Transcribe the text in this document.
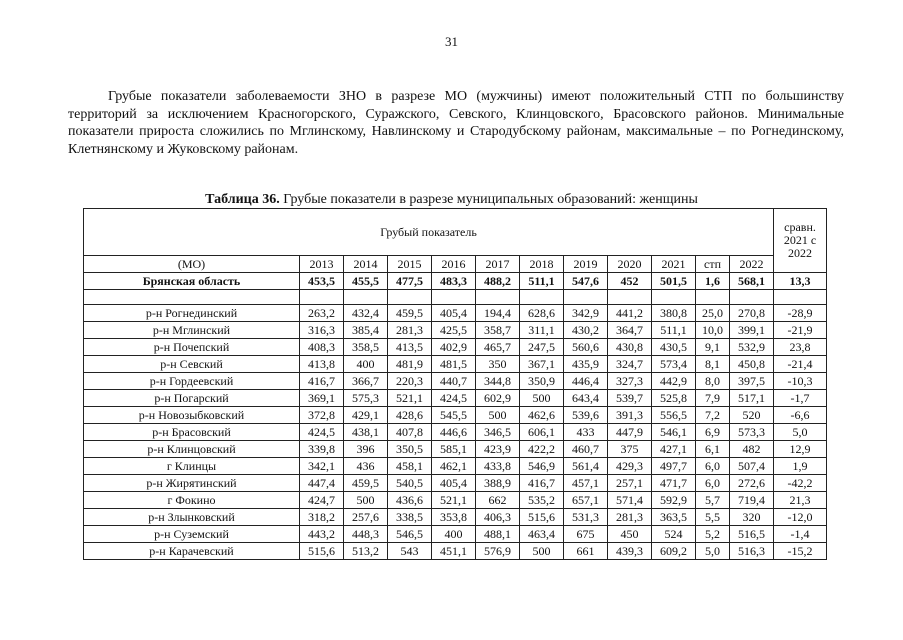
31

Грубые показатели заболеваемости ЗНО в разрезе МО (мужчины) имеют положительный СТП по большинству территорий за исключением Красногорского, Суражского, Севского, Клинцовского, Брасовского районов. Минимальные показатели прироста сложились по Мглинскому, Навлинскому и Стародубскому районам, максимальные – по Рогнединскому, Клетнянскому и Жуковскому районам.

Таблица 36. Грубые показатели в разрезе муниципальных образований: женщины
Грубый показатель												сравн. 2021 с 2022
(МО)	2013	2014	2015	2016	2017	2018	2019	2020	2021	стп	2022	
Брянская область	453,5	455,5	477,5	483,3	488,2	511,1	547,6	452	501,5	1,6	568,1	13,3

р-н Рогнединский	263,2	432,4	459,5	405,4	194,4	628,6	342,9	441,2	380,8	25,0	270,8	-28,9
р-н Мглинский	316,3	385,4	281,3	425,5	358,7	311,1	430,2	364,7	511,1	10,0	399,1	-21,9
р-н Почепский	408,3	358,5	413,5	402,9	465,7	247,5	560,6	430,8	430,5	9,1	532,9	23,8
р-н Севский	413,8	400	481,9	481,5	350	367,1	435,9	324,7	573,4	8,1	450,8	-21,4
р-н Гордеевский	416,7	366,7	220,3	440,7	344,8	350,9	446,4	327,3	442,9	8,0	397,5	-10,3
р-н Погарский	369,1	575,3	521,1	424,5	602,9	500	643,4	539,7	525,8	7,9	517,1	-1,7
р-н Новозыбковский	372,8	429,1	428,6	545,5	500	462,6	539,6	391,3	556,5	7,2	520	-6,6
р-н Брасовский	424,5	438,1	407,8	446,6	346,5	606,1	433	447,9	546,1	6,9	573,3	5,0
р-н Клинцовский	339,8	396	350,5	585,1	423,9	422,2	460,7	375	427,1	6,1	482	12,9
г Клинцы	342,1	436	458,1	462,1	433,8	546,9	561,4	429,3	497,7	6,0	507,4	1,9
р-н Жирятинский	447,4	459,5	540,5	405,4	388,9	416,7	457,1	257,1	471,7	6,0	272,6	-42,2
г Фокино	424,7	500	436,6	521,1	662	535,2	657,1	571,4	592,9	5,7	719,4	21,3
р-н Злынковский	318,2	257,6	338,5	353,8	406,3	515,6	531,3	281,3	363,5	5,5	320	-12,0
р-н Суземский	443,2	448,3	546,5	400	488,1	463,4	675	450	524	5,2	516,5	-1,4
р-н Карачевский	515,6	513,2	543	451,1	576,9	500	661	439,3	609,2	5,0	516,3	-15,2
